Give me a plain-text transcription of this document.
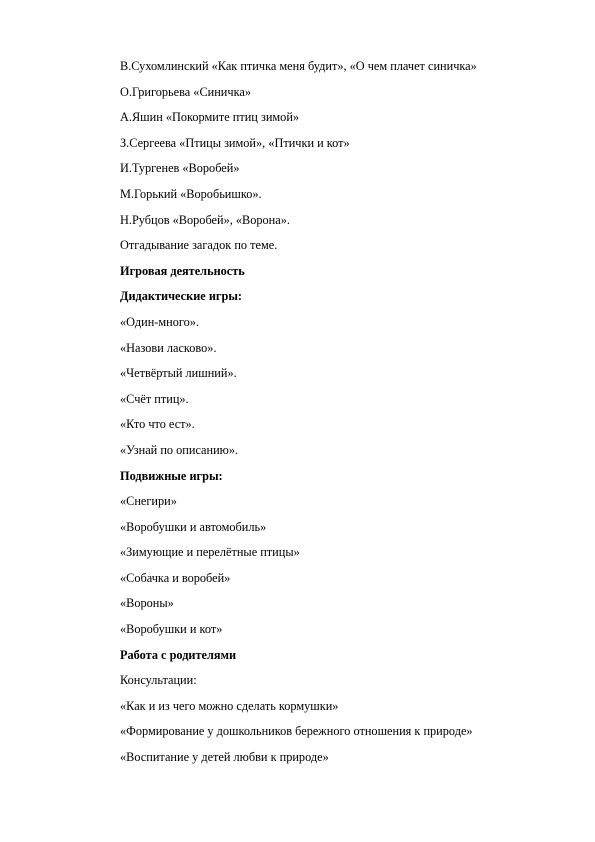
В.Сухомлинский «Как птичка меня будит», «О чем плачет синичка»
О.Григорьева «Синичка»
А.Яшин «Покормите птиц зимой»
З.Сергеева «Птицы зимой», «Птички и кот»
И.Тургенев «Воробей»
М.Горький «Воробьишко».
Н.Рубцов «Воробей», «Ворона».
Отгадывание загадок по теме.
Игровая деятельность
Дидактические игры:
«Один-много».
«Назови ласково».
«Четвёртый лишний».
«Счёт птиц».
«Кто что ест».
«Узнай по описанию».
Подвижные игры:
«Снегири»
«Воробушки и автомобиль»
«Зимующие и перелётные птицы»
«Собачка и воробей»
«Вороны»
«Воробушки и кот»
Работа с родителями
Консультации:
«Как и из чего можно сделать кормушки»
«Формирование у дошкольников бережного отношения к природе»
«Воспитание у детей любви к природе»
